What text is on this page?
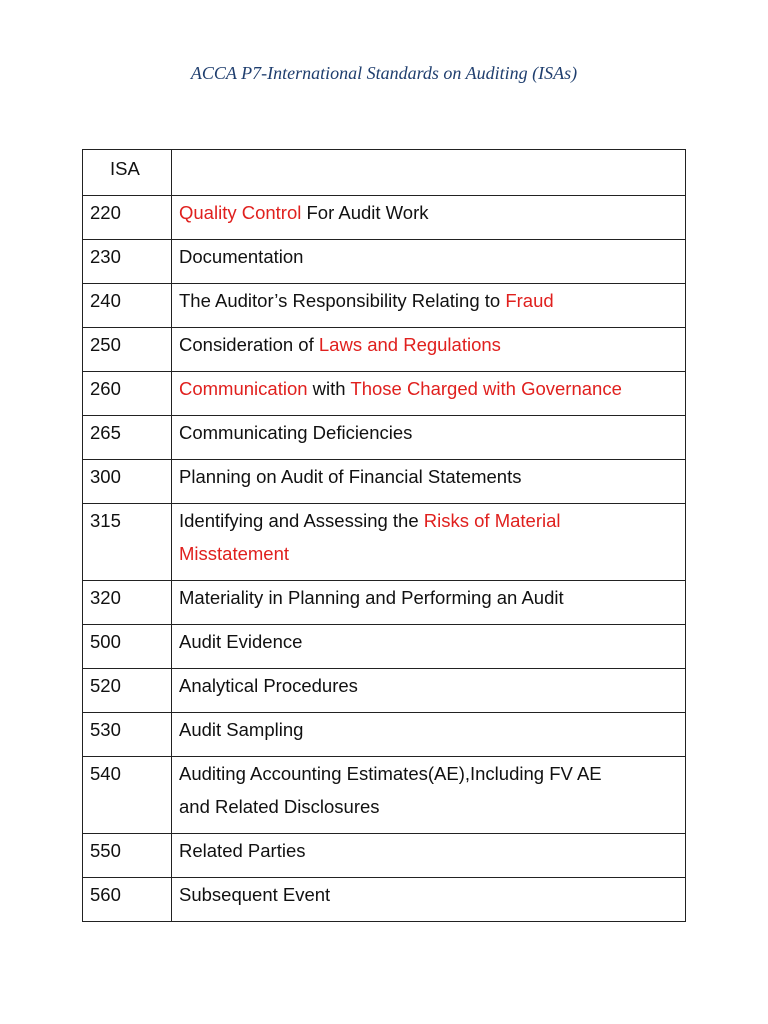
ACCA P7-International Standards on Auditing (ISAs)
ISA	
220	Quality Control For Audit Work
230	Documentation
240	The Auditor’s Responsibility Relating to Fraud
250	Consideration of Laws and Regulations
260	Communication with Those Charged with Governance
265	Communicating Deficiencies
300	Planning on Audit of Financial Statements
315	Identifying and Assessing the Risks of Material
Misstatement
320	Materiality in Planning and Performing an Audit
500	Audit Evidence
520	Analytical Procedures
530	Audit Sampling
540	Auditing Accounting Estimates(AE),Including FV AE
and Related Disclosures
550	Related Parties
560	Subsequent Event
